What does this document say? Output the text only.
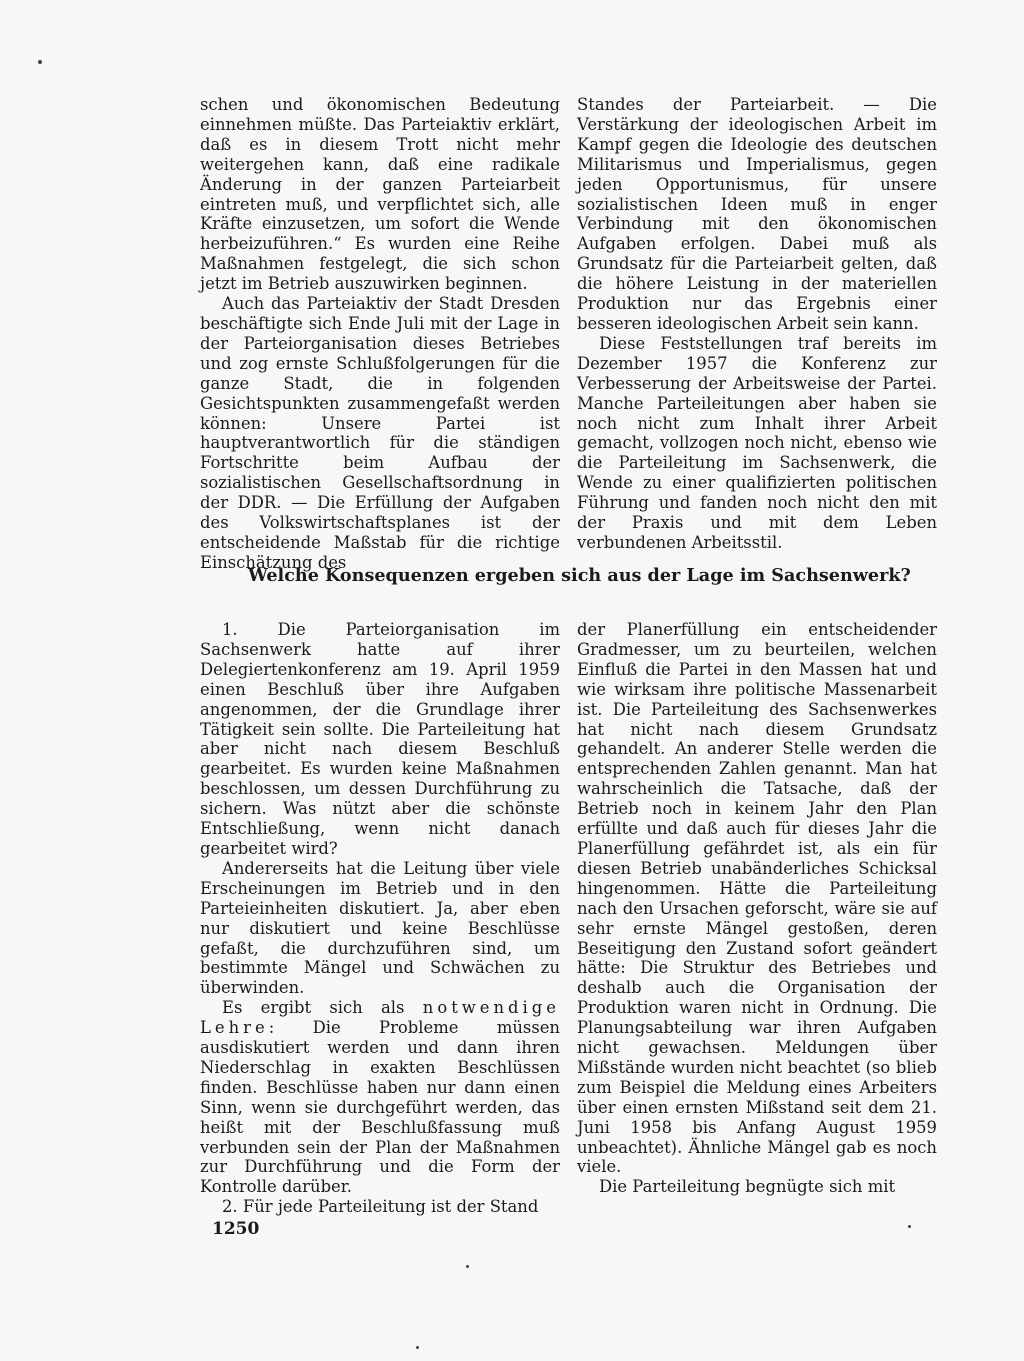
schen und ökonomischen Bedeutung einnehmen müßte. Das Parteiaktiv erklärt, daß es in diesem Trott nicht mehr weitergehen kann, daß eine radikale Änderung in der ganzen Parteiarbeit eintreten muß, und verpflichtet sich, alle Kräfte einzusetzen, um sofort die Wende herbeizuführen.“ Es wurden eine Reihe Maßnahmen festgelegt, die sich schon jetzt im Betrieb auszuwirken beginnen.

Auch das Parteiaktiv der Stadt Dresden beschäftigte sich Ende Juli mit der Lage in der Parteiorganisation dieses Betriebes und zog ernste Schlußfolgerungen für die ganze Stadt, die in folgenden Gesichtspunkten zusammengefaßt werden können: Unsere Partei ist hauptverantwortlich für die ständigen Fortschritte beim Aufbau der sozialistischen Gesellschaftsordnung in der DDR. — Die Erfüllung der Aufgaben des Volkswirtschaftsplanes ist der entscheidende Maßstab für die richtige Einschätzung des

Standes der Parteiarbeit. — Die Verstärkung der ideologischen Arbeit im Kampf gegen die Ideologie des deutschen Militarismus und Imperialismus, gegen jeden Opportunismus, für unsere sozialistischen Ideen muß in enger Verbindung mit den ökonomischen Aufgaben erfolgen. Dabei muß als Grundsatz für die Parteiarbeit gelten, daß die höhere Leistung in der materiellen Produktion nur das Ergebnis einer besseren ideologischen Arbeit sein kann.

Diese Feststellungen traf bereits im Dezember 1957 die Konferenz zur Verbesserung der Arbeitsweise der Partei. Manche Parteileitungen aber haben sie noch nicht zum Inhalt ihrer Arbeit gemacht, vollzogen noch nicht, ebenso wie die Parteileitung im Sachsenwerk, die Wende zu einer qualifizierten politischen Führung und fanden noch nicht den mit der Praxis und mit dem Leben verbundenen Arbeitsstil.

Welche Konsequenzen ergeben sich aus der Lage im Sachsenwerk?

1. Die Parteiorganisation im Sachsenwerk hatte auf ihrer Delegiertenkonferenz am 19. April 1959 einen Beschluß über ihre Aufgaben angenommen, der die Grundlage ihrer Tätigkeit sein sollte. Die Parteileitung hat aber nicht nach diesem Beschluß gearbeitet. Es wurden keine Maßnahmen beschlossen, um dessen Durchführung zu sichern. Was nützt aber die schönste Entschließung, wenn nicht danach gearbeitet wird?

Andererseits hat die Leitung über viele Erscheinungen im Betrieb und in den Parteieinheiten diskutiert. Ja, aber eben nur diskutiert und keine Beschlüsse gefaßt, die durchzuführen sind, um bestimmte Mängel und Schwächen zu überwinden.

Es ergibt sich als notwendige Lehre: Die Probleme müssen ausdiskutiert werden und dann ihren Niederschlag in exakten Beschlüssen finden. Beschlüsse haben nur dann einen Sinn, wenn sie durchgeführt werden, das heißt mit der Beschlußfassung muß verbunden sein der Plan der Maßnahmen zur Durchführung und die Form der Kontrolle darüber.

2. Für jede Parteileitung ist der Stand

der Planerfüllung ein entscheidender Gradmesser, um zu beurteilen, welchen Einfluß die Partei in den Massen hat und wie wirksam ihre politische Massenarbeit ist. Die Parteileitung des Sachsenwerkes hat nicht nach diesem Grundsatz gehandelt. An anderer Stelle werden die entsprechenden Zahlen genannt. Man hat wahrscheinlich die Tatsache, daß der Betrieb noch in keinem Jahr den Plan erfüllte und daß auch für dieses Jahr die Planerfüllung gefährdet ist, als ein für diesen Betrieb unabänderliches Schicksal hingenommen. Hätte die Parteileitung nach den Ursachen geforscht, wäre sie auf sehr ernste Mängel gestoßen, deren Beseitigung den Zustand sofort geändert hätte: Die Struktur des Betriebes und deshalb auch die Organisation der Produktion waren nicht in Ordnung. Die Planungsabteilung war ihren Aufgaben nicht gewachsen. Meldungen über Mißstände wurden nicht beachtet (so blieb zum Beispiel die Meldung eines Arbeiters über einen ernsten Mißstand seit dem 21. Juni 1958 bis Anfang August 1959 unbeachtet). Ähnliche Mängel gab es noch viele.

Die Parteileitung begnügte sich mit

1250
